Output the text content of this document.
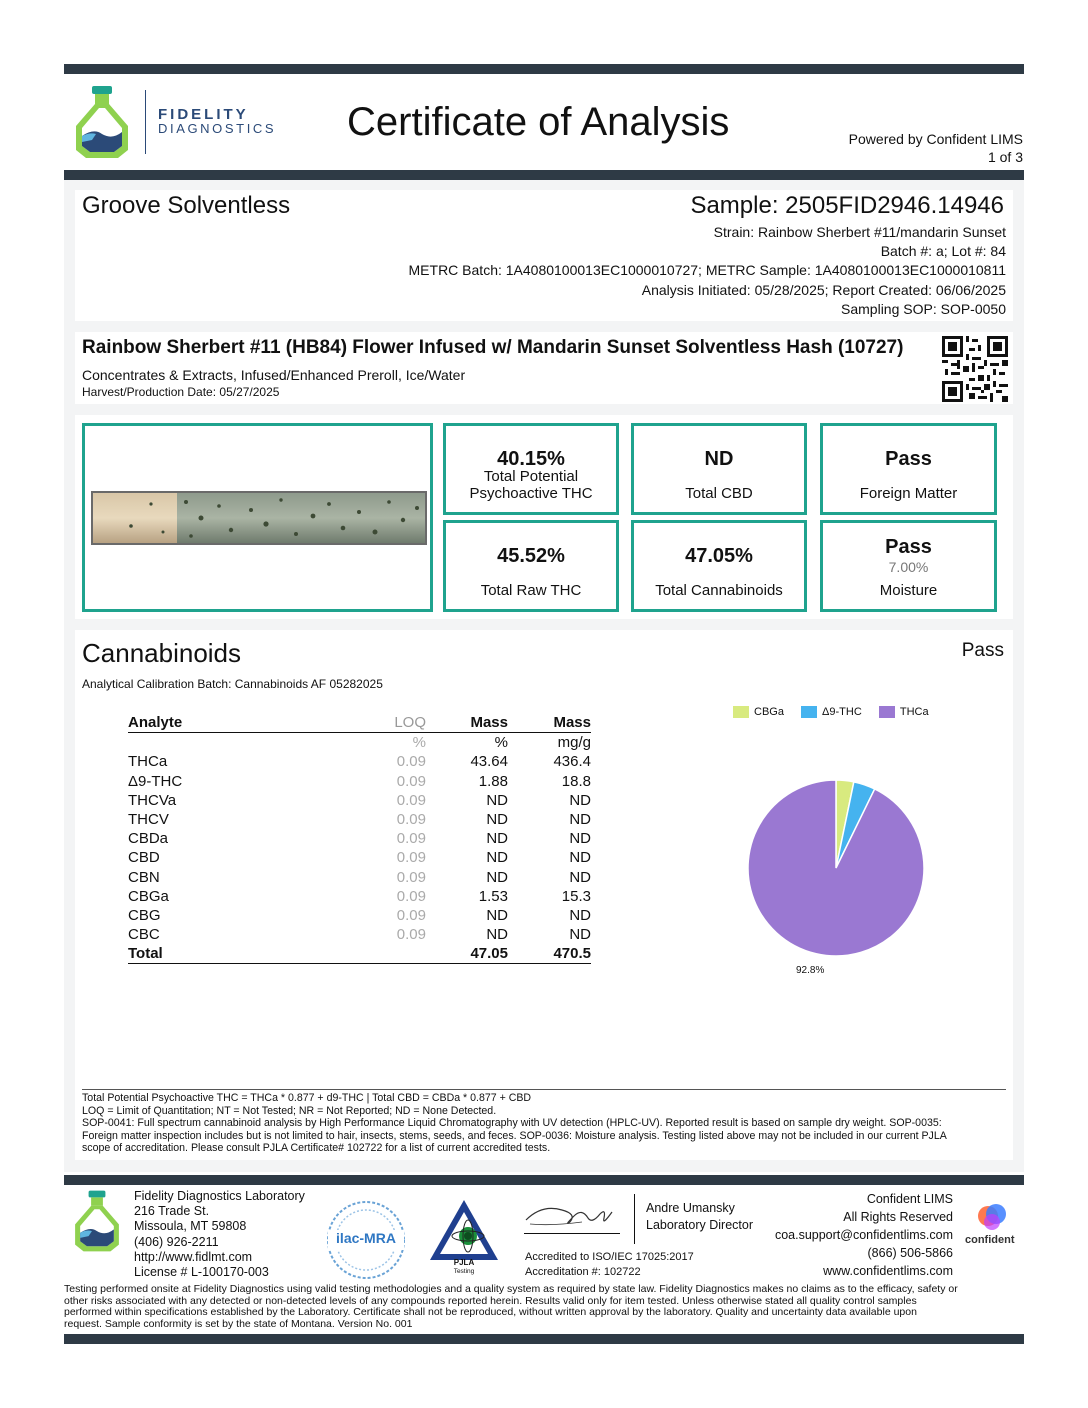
FIDELITY
DIAGNOSTICS Certificate of Analysis	Powered by Confident LIMS
1 of 3
Groove Solventless	Sample: 2505FID2946.14946
Strain: Rainbow Sherbert #11/mandarin Sunset
Batch #: a; Lot #: 84
METRC Batch: 1A4080100013EC1000010727; METRC Sample: 1A4080100013EC1000010811
Analysis Initiated: 05/28/2025; Report Created: 06/06/2025
Sampling SOP: SOP-0050
Rainbow Sherbert #11 (HB84) Flower Infused w/ Mandarin Sunset Solventless Hash (10727)
Concentrates & Extracts, Infused/Enhanced Preroll, Ice/Water
Harvest/Production Date: 05/27/2025
40.15%
Total Potential Psychoactive THC
ND
Total CBD
Pass
Foreign Matter
45.52%
Total Raw THC
47.05%
Total Cannabinoids
Pass
7.00%
Moisture
Cannabinoids	Pass
Analytical Calibration Batch: Cannabinoids AF 05282025
Analyte	LOQ	Mass	Mass
	%	%	mg/g
THCa	0.09	43.64	436.4
Δ9-THC	0.09	1.88	18.8
THCVa	0.09	ND	ND
THCV	0.09	ND	ND
CBDa	0.09	ND	ND
CBD	0.09	ND	ND
CBN	0.09	ND	ND
CBGa	0.09	1.53	15.3
CBG	0.09	ND	ND
CBC	0.09	ND	ND
Total		47.05	470.5
CBGa	Δ9-THC	THCa
92.8%
Total Potential Psychoactive THC = THCa * 0.877 + d9-THC | Total CBD = CBDa * 0.877 + CBD
LOQ = Limit of Quantitation; NT = Not Tested; NR = Not Reported; ND = None Detected.
SOP-0041: Full spectrum cannabinoid analysis by High Performance Liquid Chromatography with UV detection (HPLC-UV). Reported result is based on sample dry weight. SOP-0035:
Foreign matter inspection includes but is not limited to hair, insects, stems, seeds, and feces. SOP-0036: Moisture analysis. Testing listed above may not be included in our current PJLA
scope of accreditation. Please consult PJLA Certificate# 102722 for a list of current accredited tests.
Fidelity Diagnostics Laboratory
216 Trade St.
Missoula, MT 59808
(406) 926-2211
http://www.fidlmt.com
License # L-100170-003
ilac-MRA
PJLA
Testing
Andre Umansky
Laboratory Director
Accredited to ISO/IEC 17025:2017
Accreditation #: 102722
Confident LIMS
All Rights Reserved
coa.support@confidentlims.com
(866) 506-5866
www.confidentlims.com
confident
Testing performed onsite at Fidelity Diagnostics using valid testing methodologies and a quality system as required by state law. Fidelity Diagnostics makes no claims as to the efficacy, safety or
other risks associated with any detected or non-detected levels of any compounds reported herein. Results valid only for item tested. Unless otherwise stated all quality control samples
performed within specifications established by the Laboratory. Certificate shall not be reproduced, without written approval by the laboratory. Quality and uncertainty data available upon
request. Sample conformity is set by the state of Montana. Version No. 001
